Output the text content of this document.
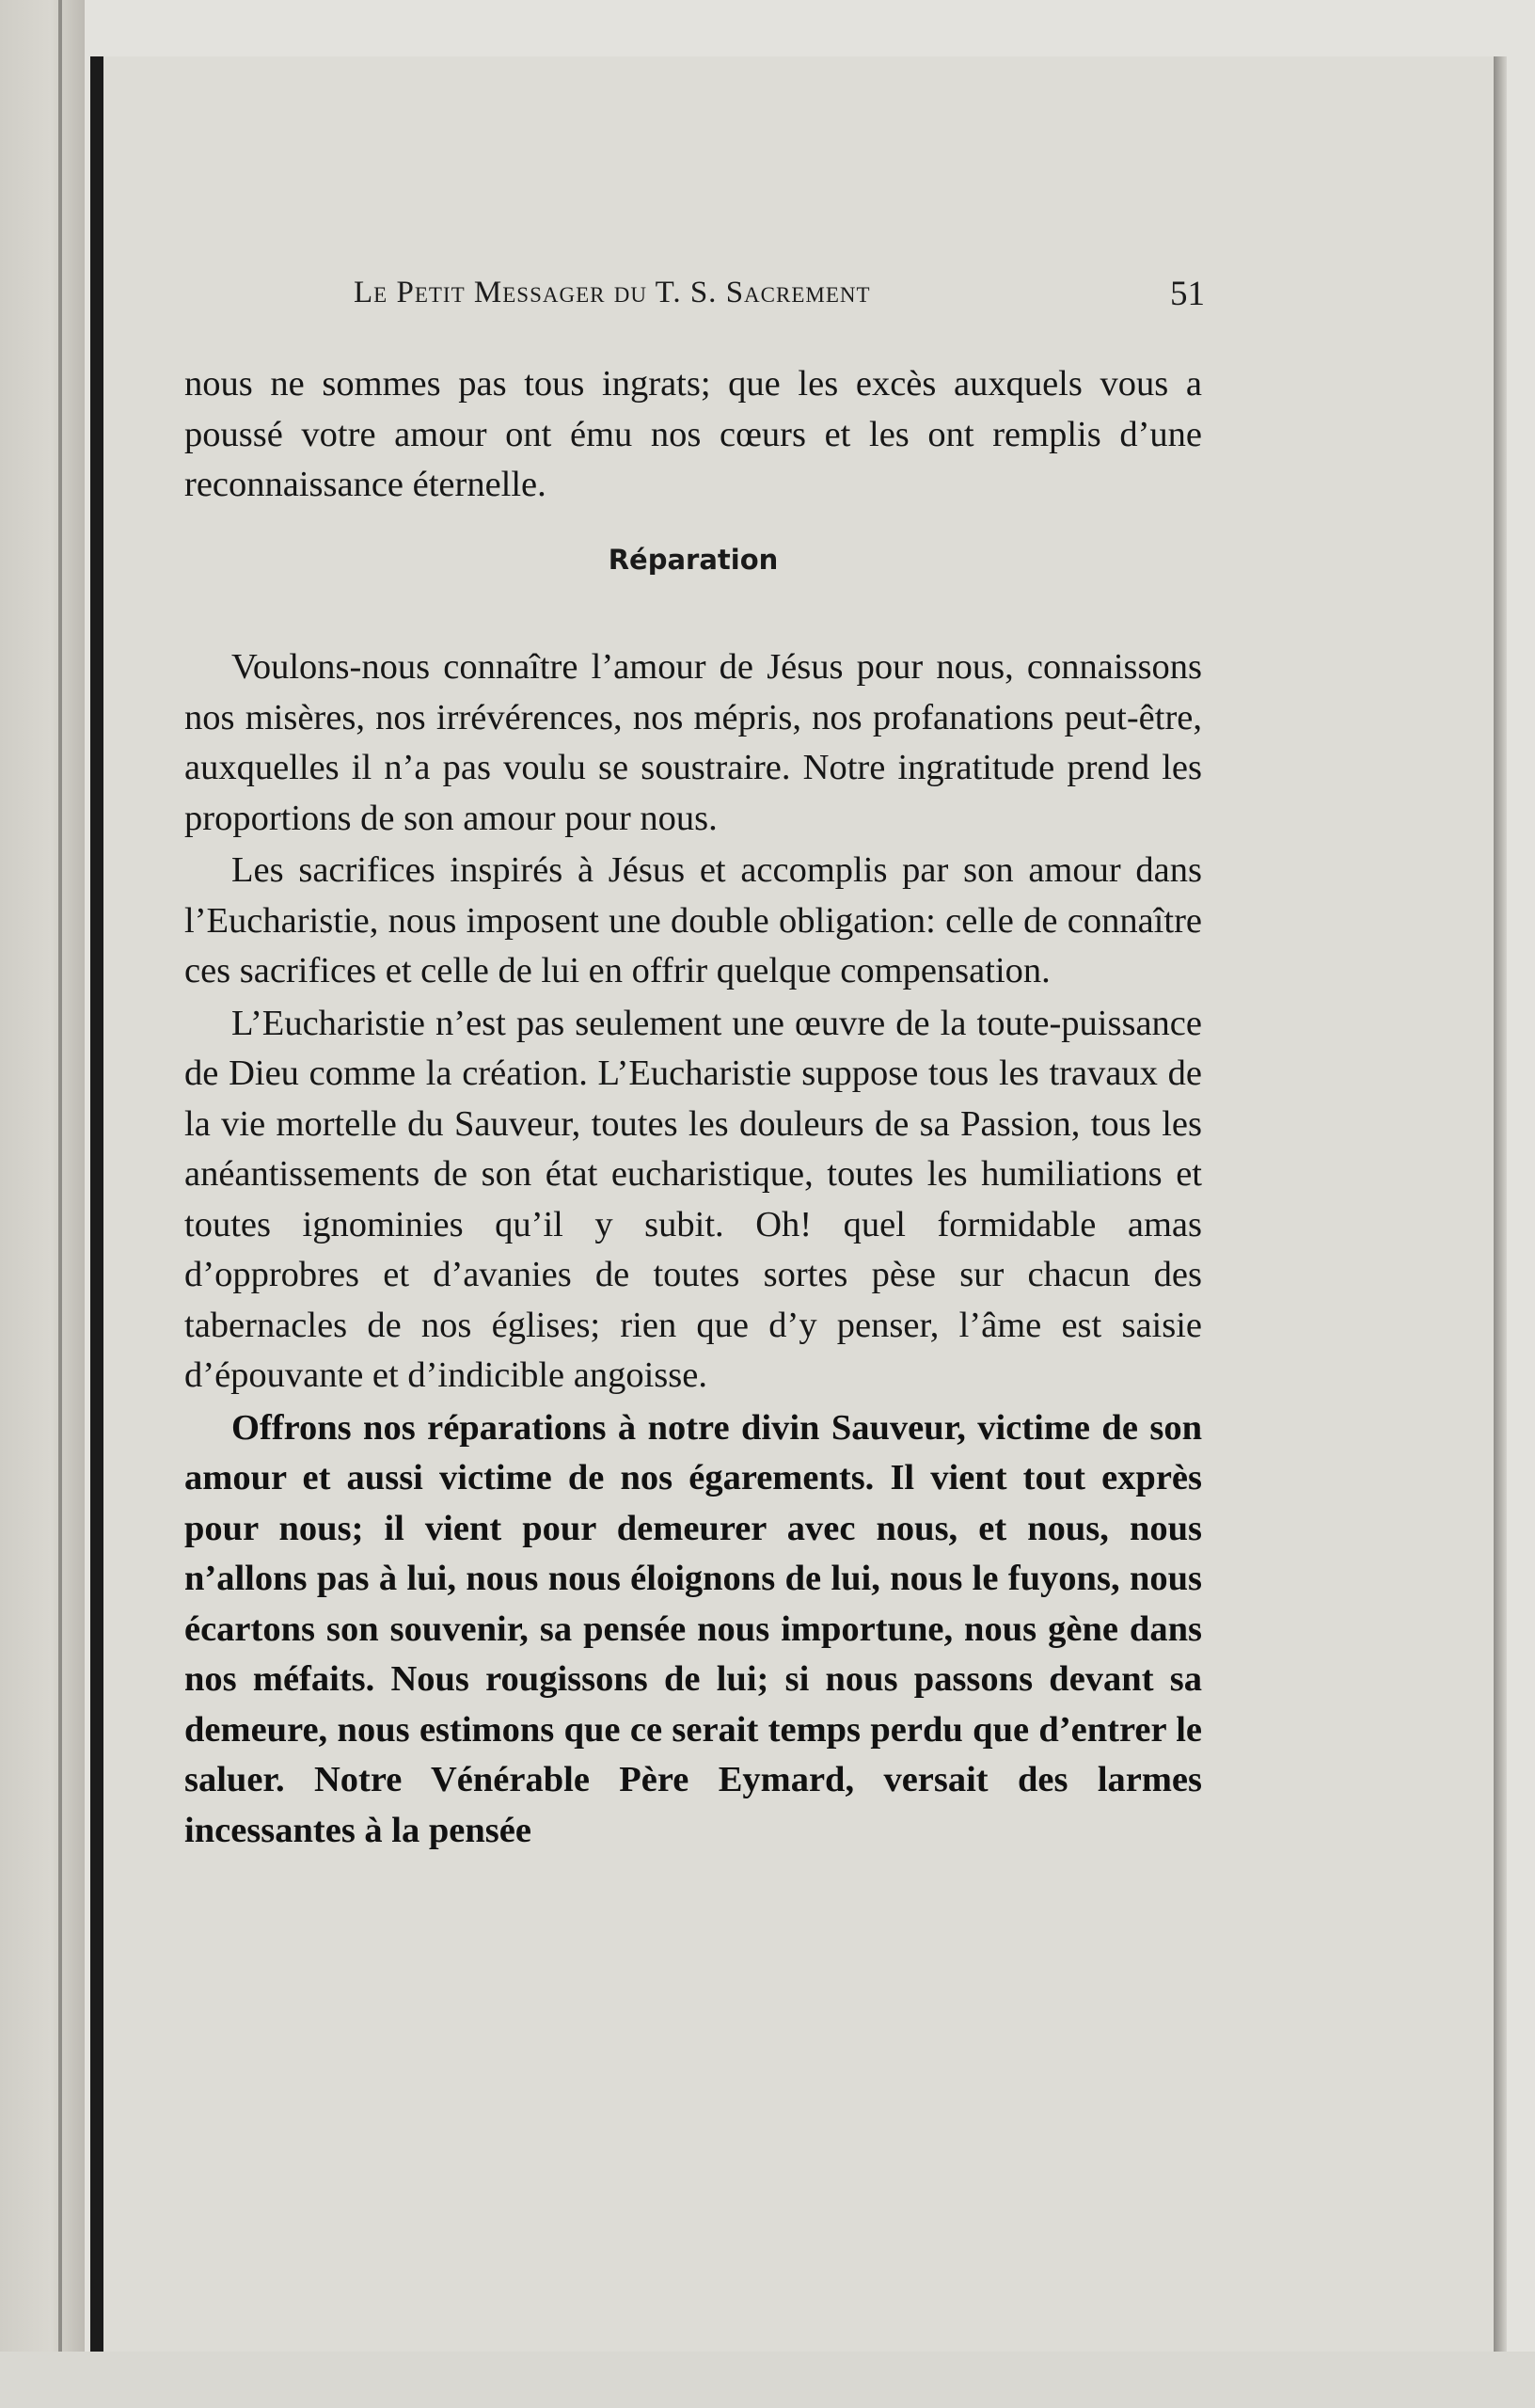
Le Petit Messager du T. S. Sacrement	51

nous ne sommes pas tous ingrats; que les excès auxquels vous a poussé votre amour ont ému nos cœurs et les ont remplis d’une reconnaissance éternelle.

Réparation

Voulons-nous connaître l’amour de Jésus pour nous, connaissons nos misères, nos irrévérences, nos mépris, nos profanations peut-être, auxquelles il n’a pas voulu se soustraire. Notre ingratitude prend les proportions de son amour pour nous.

Les sacrifices inspirés à Jésus et accomplis par son amour dans l’Eucharistie, nous imposent une double obligation: celle de connaître ces sacrifices et celle de lui en offrir quelque compensation.

L’Eucharistie n’est pas seulement une œuvre de la toute-puissance de Dieu comme la création. L’Eucharistie suppose tous les travaux de la vie mortelle du Sauveur, toutes les douleurs de sa Passion, tous les anéantissements de son état eucharistique, toutes les humiliations et toutes ignominies qu’il y subit. Oh! quel formidable amas d’opprobres et d’avanies de toutes sortes pèse sur chacun des tabernacles de nos églises; rien que d’y penser, l’âme est saisie d’épouvante et d’indicible angoisse.

Offrons nos réparations à notre divin Sauveur, victime de son amour et aussi victime de nos égarements. Il vient tout exprès pour nous; il vient pour demeurer avec nous, et nous, nous n’allons pas à lui, nous nous éloignons de lui, nous le fuyons, nous écartons son souvenir, sa pensée nous importune, nous gène dans nos méfaits. Nous rougissons de lui; si nous passons devant sa demeure, nous estimons que ce serait temps perdu que d’entrer le saluer. Notre Vénérable Père Eymard, versait des larmes incessantes à la pensée
